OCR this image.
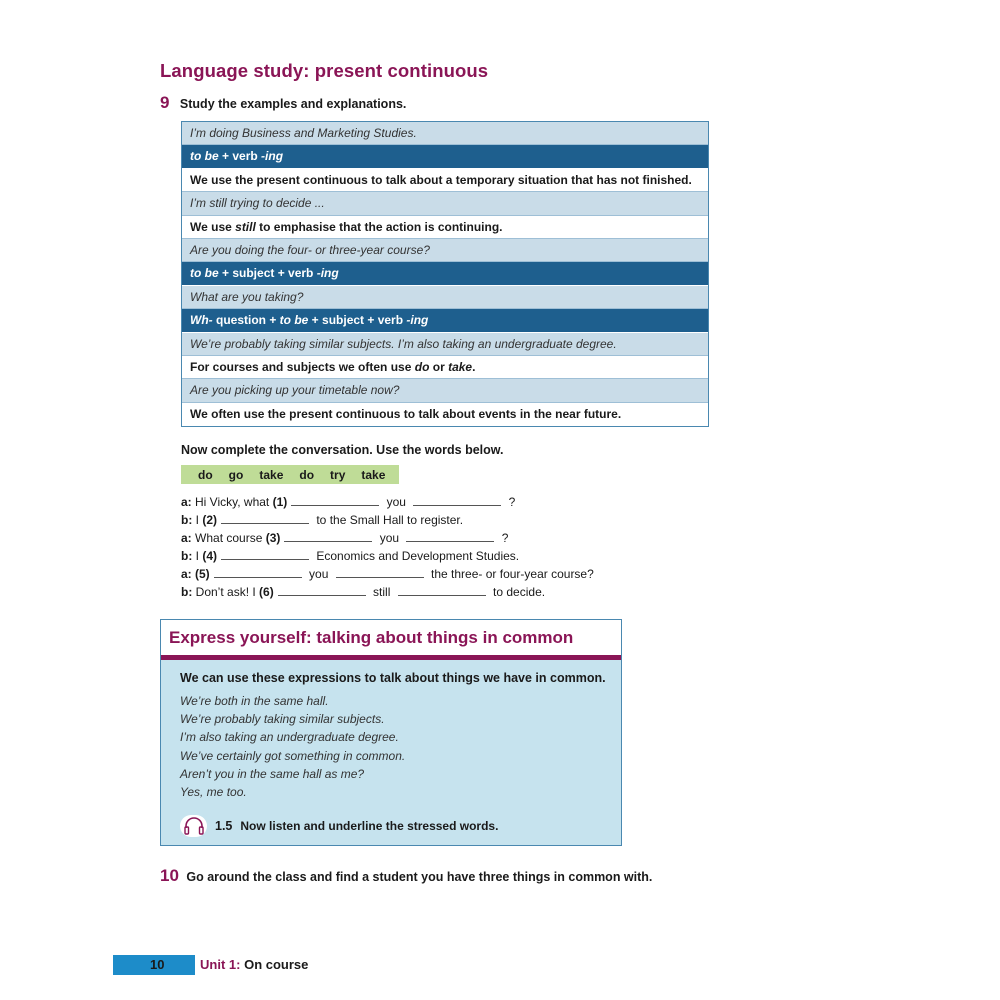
Language study: present continuous
9 Study the examples and explanations.
I’m doing Business and Marketing Studies.
to be + verb -ing
We use the present continuous to talk about a temporary situation that has not finished.
I’m still trying to decide ...
We use still to emphasise that the action is continuing.
Are you doing the four- or three-year course?
to be + subject + verb -ing
What are you taking?
Wh- question + to be + subject + verb -ing
We’re probably taking similar subjects. I’m also taking an undergraduate degree.
For courses and subjects we often use do or take.
Are you picking up your timetable now?
We often use the present continuous to talk about events in the near future.
Now complete the conversation. Use the words below.
do go take do try take
a: Hi Vicky, what (1)	you	?
b: I (2)	to the Small Hall to register.
a: What course (3)	you	?
b: I (4)	Economics and Development Studies.
a: (5)	you	the three- or four-year course?
b: Don’t ask! I (6)	still	to decide.
Express yourself: talking about things in common
We can use these expressions to talk about things we have in common.
We’re both in the same hall.
We’re probably taking similar subjects.
I’m also taking an undergraduate degree.
We’ve certainly got something in common.
Aren’t you in the same hall as me?
Yes, me too.
1.5 Now listen and underline the stressed words.
10 Go around the class and find a student you have three things in common with.
10	Unit 1: On course
